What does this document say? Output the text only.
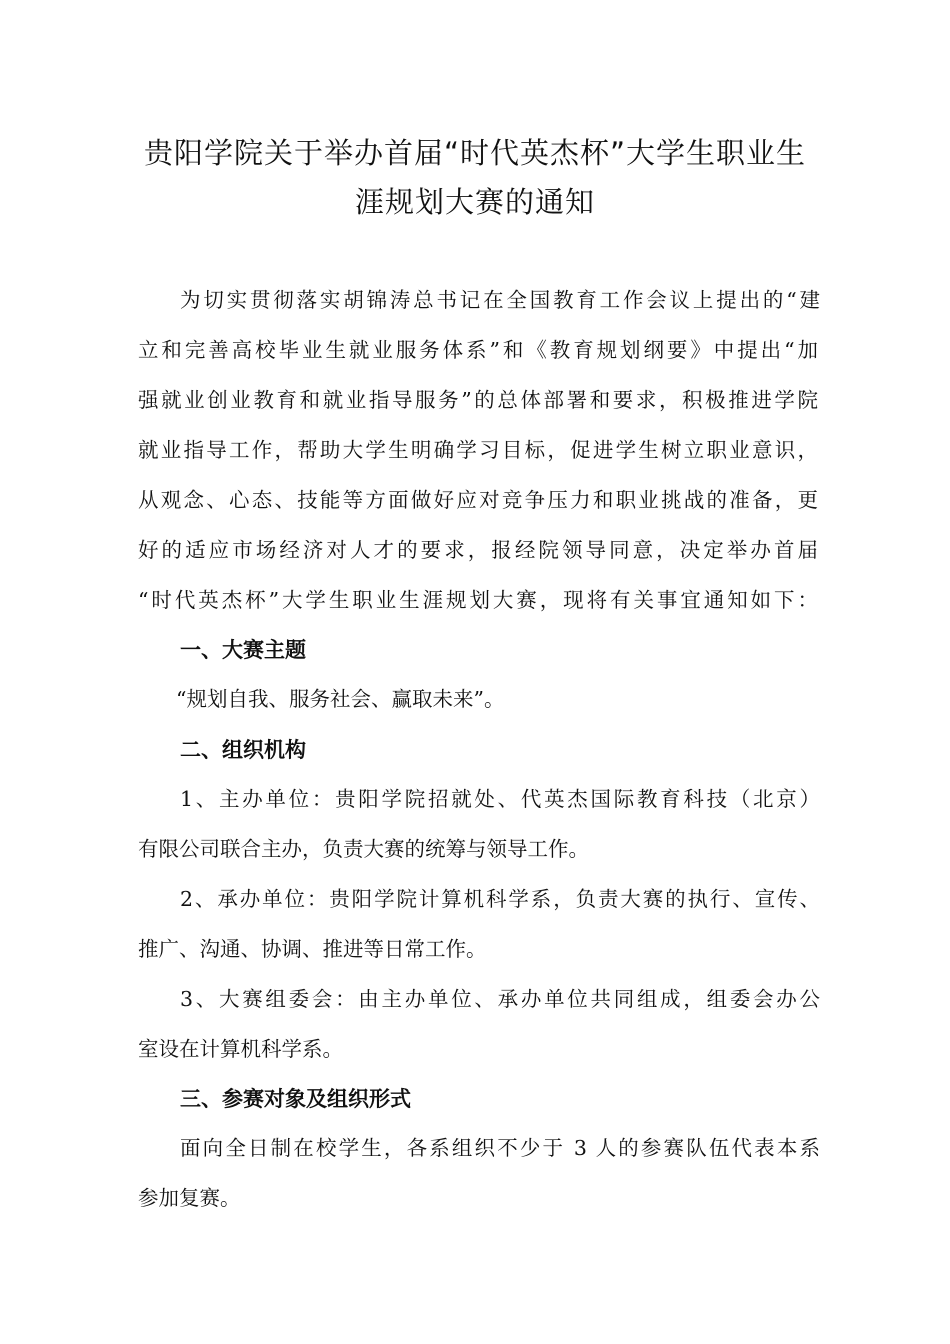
贵阳学院关于举办首届“时代英杰杯”大学生职业生
涯规划大赛的通知
为切实贯彻落实胡锦涛总书记在全国教育工作会议上提出的“建
立和完善高校毕业生就业服务体系”和《教育规划纲要》中提出“加
强就业创业教育和就业指导服务”的总体部署和要求，积极推进学院
就业指导工作，帮助大学生明确学习目标，促进学生树立职业意识，
从观念、心态、技能等方面做好应对竞争压力和职业挑战的准备，更
好的适应市场经济对人才的要求，报经院领导同意，决定举办首届
“时代英杰杯”大学生职业生涯规划大赛，现将有关事宜通知如下：
一、大赛主题
“规划自我、服务社会、赢取未来”。
二、组织机构
1、主办单位：贵阳学院招就处、代英杰国际教育科技（北京）
有限公司联合主办，负责大赛的统筹与领导工作。
2、承办单位：贵阳学院计算机科学系，负责大赛的执行、宣传、
推广、沟通、协调、推进等日常工作。
3、大赛组委会：由主办单位、承办单位共同组成，组委会办公
室设在计算机科学系。
三、参赛对象及组织形式
面向全日制在校学生，各系组织不少于 3 人的参赛队伍代表本系
参加复赛。
